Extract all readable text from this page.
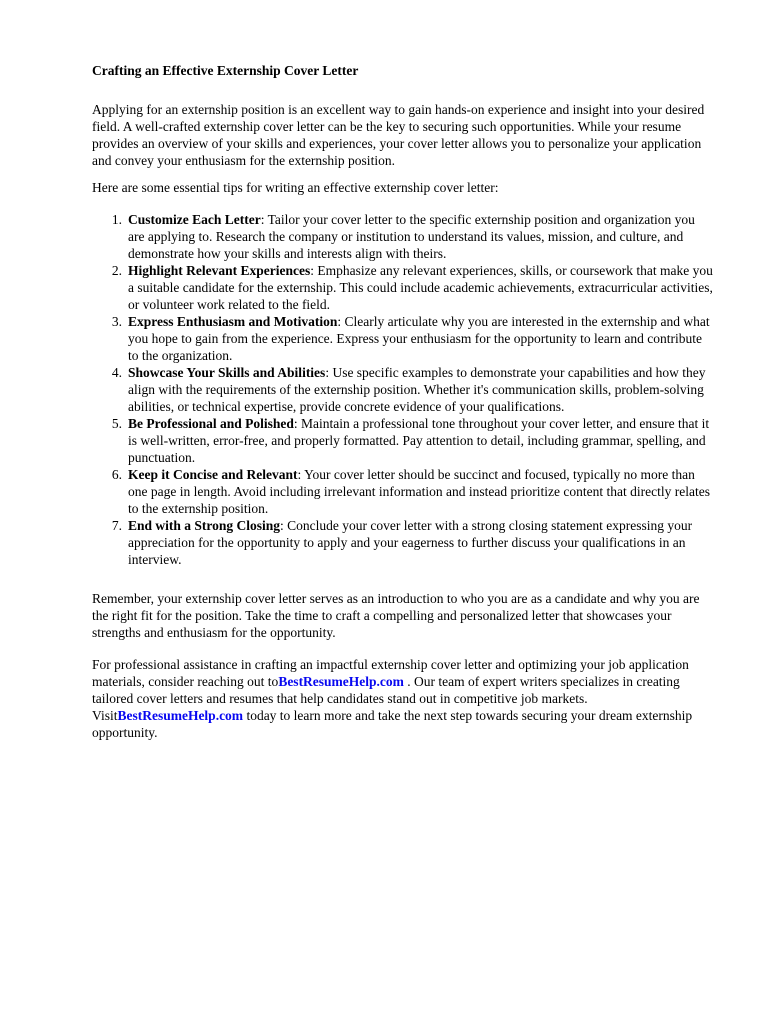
Crafting an Effective Externship Cover Letter

Applying for an externship position is an excellent way to gain hands-on experience and insight into your desired field. A well-crafted externship cover letter can be the key to securing such opportunities. While your resume provides an overview of your skills and experiences, your cover letter allows you to personalize your application and convey your enthusiasm for the externship position.

Here are some essential tips for writing an effective externship cover letter:

1. Customize Each Letter: Tailor your cover letter to the specific externship position and organization you are applying to. Research the company or institution to understand its values, mission, and culture, and demonstrate how your skills and interests align with theirs.
2. Highlight Relevant Experiences: Emphasize any relevant experiences, skills, or coursework that make you a suitable candidate for the externship. This could include academic achievements, extracurricular activities, or volunteer work related to the field.
3. Express Enthusiasm and Motivation: Clearly articulate why you are interested in the externship and what you hope to gain from the experience. Express your enthusiasm for the opportunity to learn and contribute to the organization.
4. Showcase Your Skills and Abilities: Use specific examples to demonstrate your capabilities and how they align with the requirements of the externship position. Whether it's communication skills, problem-solving abilities, or technical expertise, provide concrete evidence of your qualifications.
5. Be Professional and Polished: Maintain a professional tone throughout your cover letter, and ensure that it is well-written, error-free, and properly formatted. Pay attention to detail, including grammar, spelling, and punctuation.
6. Keep it Concise and Relevant: Your cover letter should be succinct and focused, typically no more than one page in length. Avoid including irrelevant information and instead prioritize content that directly relates to the externship position.
7. End with a Strong Closing: Conclude your cover letter with a strong closing statement expressing your appreciation for the opportunity to apply and your eagerness to further discuss your qualifications in an interview.

Remember, your externship cover letter serves as an introduction to who you are as a candidate and why you are the right fit for the position. Take the time to craft a compelling and personalized letter that showcases your strengths and enthusiasm for the opportunity.

For professional assistance in crafting an impactful externship cover letter and optimizing your job application materials, consider reaching out toBestResumeHelp.com . Our team of expert writers specializes in creating tailored cover letters and resumes that help candidates stand out in competitive job markets. VisitBestResumeHelp.com today to learn more and take the next step towards securing your dream externship opportunity.
